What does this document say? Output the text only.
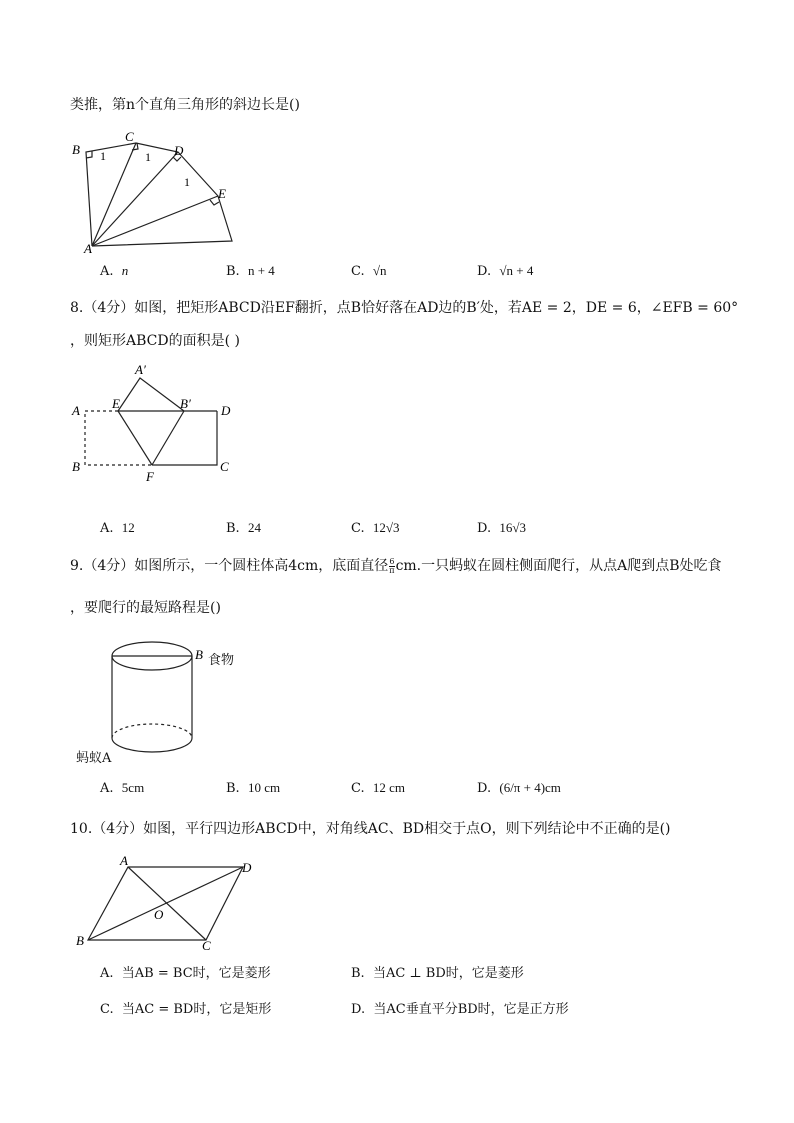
类推，第n个直角三角形的斜边长是()
B
C
D
E
A
1	1
1
A. n	B. n + 4	C. √n	D. √n + 4
8.（4分）如图，把矩形ABCD沿EF翻折，点B恰好落在AD边的B′处，若AE = 2，DE = 6，∠EFB = 60°
，则矩形ABCD的面积是( )
A′
A E	B′ D
B
F
C
A. 12	B. 24	C. 12√3	D. 16√3
9.（4分）如图所示，一个圆柱体高4cm，底面直径 $\frac{6}{\pi}$ cm.一只蚂蚁在圆柱侧面爬行，从点A爬到点B处吃食
，要爬行的最短路程是()
B 食物
蚂蚁A
A. 5cm	B. 10 cm	C. 12 cm	D. (6/π + 4)cm
10.（4分）如图，平行四边形ABCD中，对角线AC、BD相交于点O，则下列结论中不正确的是()
A	D
O
B	C
A. 当AB = BC时，它是菱形	B. 当AC ⊥ BD时，它是菱形
C. 当AC = BD时，它是矩形	D. 当AC垂直平分BD时，它是正方形
